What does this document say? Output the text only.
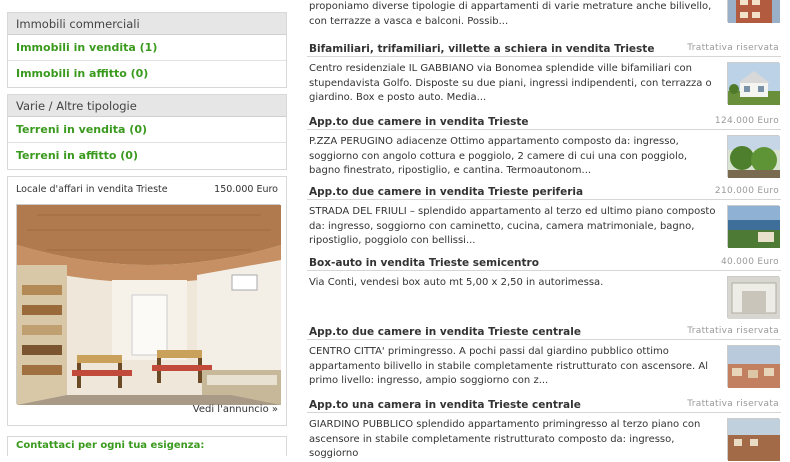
Immobili commerciali
Immobili in vendita (1)
Immobili in affitto (0)
Varie / Altre tipologie
Terreni in vendita (0)
Terreni in affitto (0)
Locale d'affari in vendita Trieste	150.000 Euro
Vedi l'annuncio »
Contattaci per ogni tua esigenza:
proponiamo diverse tipologie di appartamenti di varie metrature anche bilivello, con terrazze a vasca e balconi. Possib...
Bifamiliari, trifamiliari, villette a schiera in vendita Trieste	Trattativa riservata
Centro residenziale IL GABBIANO via Bonomea splendide ville bifamiliari con stupendavista Golfo. Disposte su due piani, ingressi indipendenti, con terrazza o giardino. Box e posto auto. Media...
App.to due camere in vendita Trieste	124.000 Euro
P.ZZA PERUGINO adiacenze Ottimo appartamento composto da: ingresso, soggiorno con angolo cottura e poggiolo, 2 camere di cui una con poggiolo, bagno finestrato, ripostiglio, e cantina. Termoautonom...
App.to due camere in vendita Trieste periferia	210.000 Euro
STRADA DEL FRIULI – splendido appartamento al terzo ed ultimo piano composto da: ingresso, soggiorno con caminetto, cucina, camera matrimoniale, bagno, ripostiglio, poggiolo con bellissi...
Box-auto in vendita Trieste semicentro	40.000 Euro
Via Conti, vendesi box auto mt 5,00 x 2,50 in autorimessa.
App.to due camere in vendita Trieste centrale	Trattativa riservata
CENTRO CITTA' primingresso. A pochi passi dal giardino pubblico ottimo appartamento bilivello in stabile completamente ristrutturato con ascensore. Al primo livello: ingresso, ampio soggiorno con z...
App.to una camera in vendita Trieste centrale	Trattativa riservata
GIARDINO PUBBLICO splendido appartamento primingresso al terzo piano con ascensore in stabile completamente ristrutturato composto da: ingresso, soggiorno
